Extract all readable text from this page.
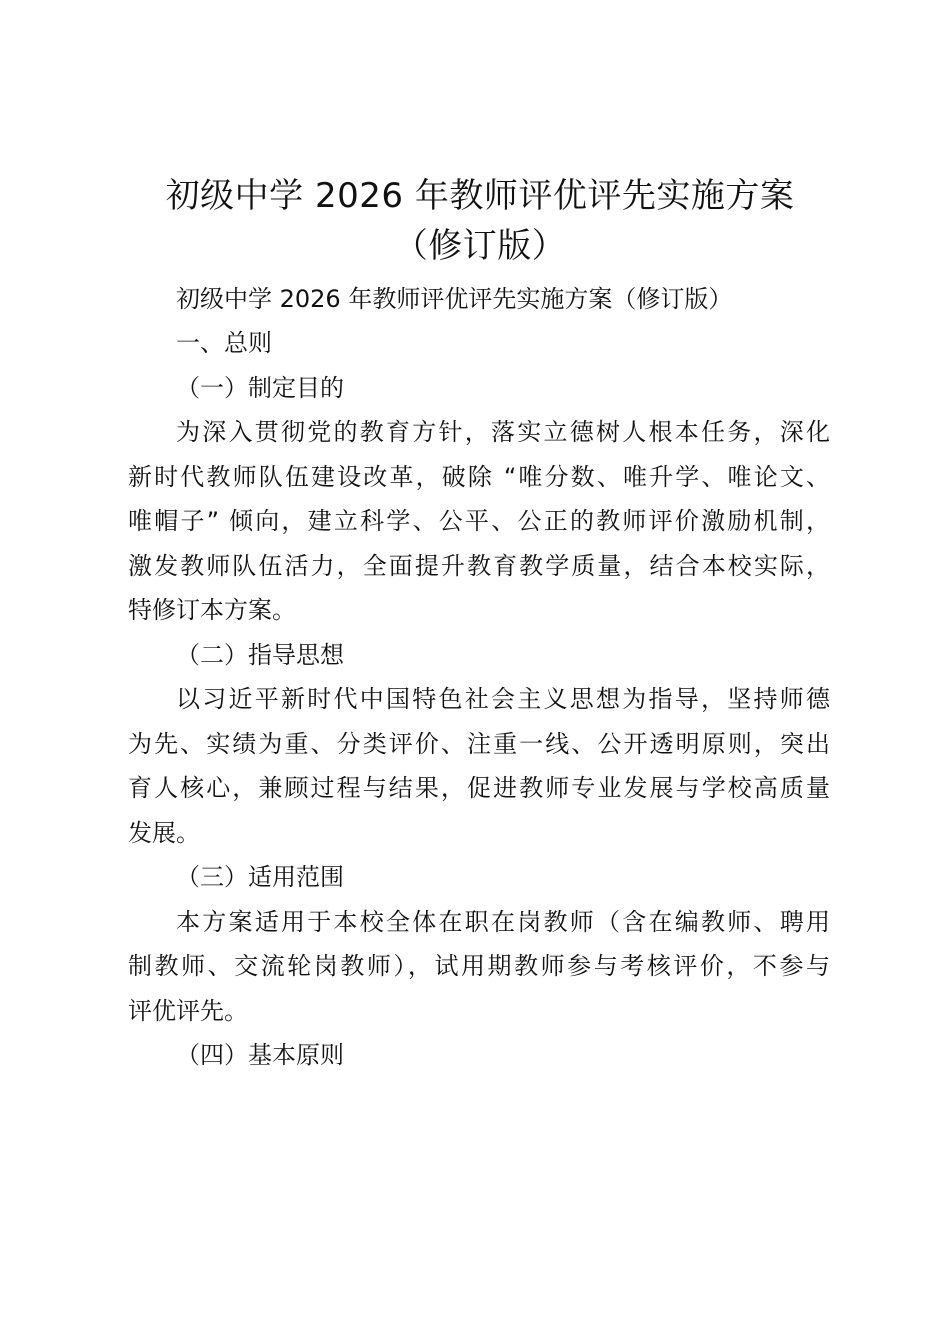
初级中学 2026 年教师评优评先实施方案
（修订版）
初级中学 2026 年教师评优评先实施方案（修订版）
一、总则
（一）制定目的
为深入贯彻党的教育方针，落实立德树人根本任务，深化
新时代教师队伍建设改革，破除 “唯分数、唯升学、唯论文、
唯帽子” 倾向，建立科学、公平、公正的教师评价激励机制，
激发教师队伍活力，全面提升教育教学质量，结合本校实际，
特修订本方案。
（二）指导思想
以习近平新时代中国特色社会主义思想为指导，坚持师德
为先、实绩为重、分类评价、注重一线、公开透明原则，突出
育人核心，兼顾过程与结果，促进教师专业发展与学校高质量
发展。
（三）适用范围
本方案适用于本校全体在职在岗教师（含在编教师、聘用
制教师、交流轮岗教师），试用期教师参与考核评价，不参与
评优评先。
（四）基本原则
